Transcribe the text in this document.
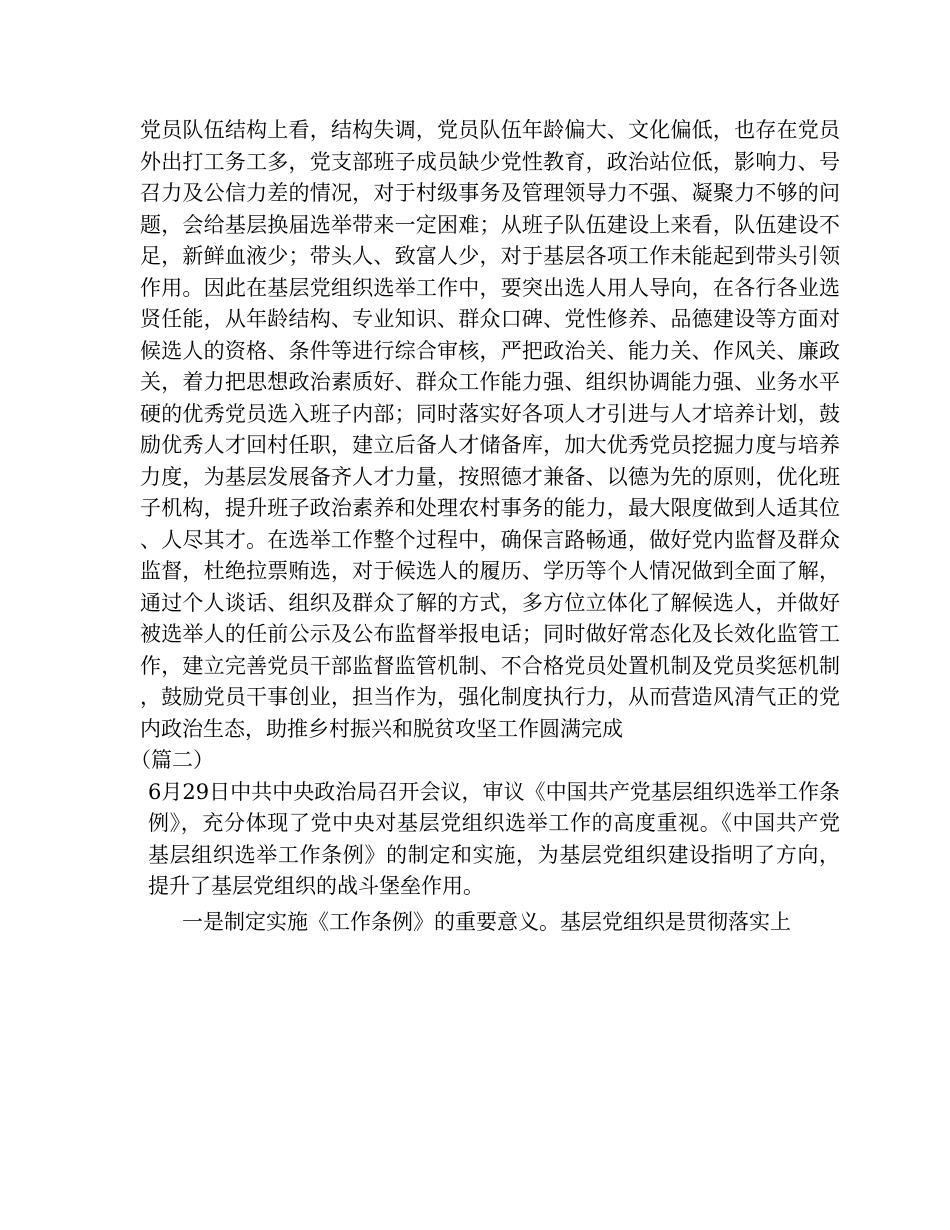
党员队伍结构上看，结构失调，党员队伍年龄偏大、文化偏低，也存在党员外出打工务工多，党支部班子成员缺少党性教育，政治站位低，影响力、号召力及公信力差的情况，对于村级事务及管理领导力不强、凝聚力不够的问题，会给基层换届选举带来一定困难；从班子队伍建设上来看，队伍建设不足，新鲜血液少；带头人、致富人少，对于基层各项工作未能起到带头引领作用。因此在基层党组织选举工作中，要突出选人用人导向，在各行各业选贤任能，从年龄结构、专业知识、群众口碑、党性修养、品德建设等方面对候选人的资格、条件等进行综合审核，严把政治关、能力关、作风关、廉政关，着力把思想政治素质好、群众工作能力强、组织协调能力强、业务水平硬的优秀党员选入班子内部；同时落实好各项人才引进与人才培养计划，鼓励优秀人才回村任职，建立后备人才储备库，加大优秀党员挖掘力度与培养力度，为基层发展备齐人才力量，按照德才兼备、以德为先的原则，优化班子机构，提升班子政治素养和处理农村事务的能力，最大限度做到人适其位、人尽其才。在选举工作整个过程中，确保言路畅通，做好党内监督及群众监督，杜绝拉票贿选，对于候选人的履历、学历等个人情况做到全面了解，通过个人谈话、组织及群众了解的方式，多方位立体化了解候选人，并做好被选举人的任前公示及公布监督举报电话；同时做好常态化及长效化监管工作，建立完善党员干部监督监管机制、不合格党员处置机制及党员奖惩机制，鼓励党员干事创业，担当作为，强化制度执行力，从而营造风清气正的党内政治生态，助推乡村振兴和脱贫攻坚工作圆满完成

（篇二）

6月29日中共中央政治局召开会议，审议《中国共产党基层组织选举工作条例》，充分体现了党中央对基层党组织选举工作的高度重视。《中国共产党基层组织选举工作条例》的制定和实施，为基层党组织建设指明了方向，提升了基层党组织的战斗堡垒作用。

一是制定实施《工作条例》的重要意义。基层党组织是贯彻落实上
